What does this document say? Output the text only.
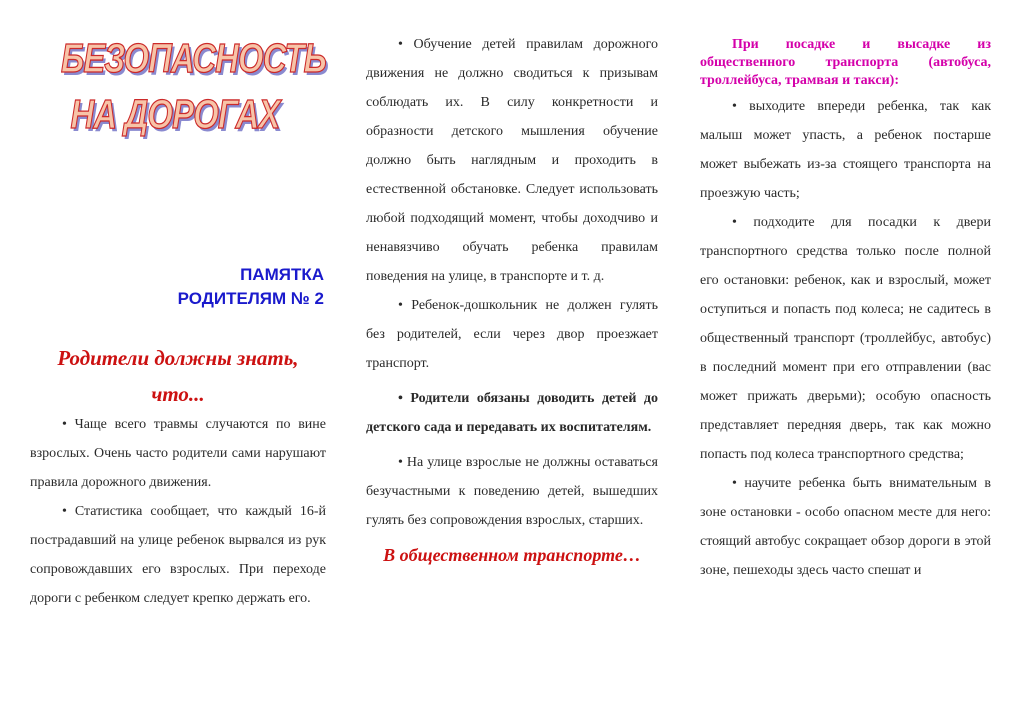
БЕЗОПАСНОСТЬ
НА ДОРОГАХ
ПАМЯТКА
РОДИТЕЛЯМ № 2
Родители должны знать,
что...

• Чаще всего травмы случаются по вине взрослых. Очень часто родители сами нарушают правила дорожного движения.

• Статистика сообщает, что каждый 16-й пострадавший на улице ребенок вырвался из рук сопровождавших его взрослых. При переходе дороги с ребенком следует крепко держать его.

• Обучение детей правилам дорожного движения не должно сводиться к призывам соблюдать их. В силу конкретности и образности детского мышления обучение должно быть наглядным и проходить в естественной обстановке. Следует использовать любой подходящий момент, чтобы доходчиво и ненавязчиво обучать ребенка правилам поведения на улице, в транспорте и т. д.

• Ребенок-дошкольник не должен гулять без родителей, если через двор проезжает транспорт.

• Родители обязаны доводить детей до детского сада и передавать их воспитателям.

• На улице взрослые не должны оставаться безучастными к поведению детей, вышедших гулять без сопровождения взрослых, старших.

В общественном транспорте…
При посадке и высадке из общественного транспорта (автобуса, троллейбуса, трамвая и такси):

• выходите впереди ребенка, так как малыш может упасть, а ребенок постарше может выбежать из-за стоящего транспорта на проезжую часть;

• подходите для посадки к двери транспортного средства только после полной его остановки: ребенок, как и взрослый, может оступиться и попасть под колеса; не садитесь в общественный транспорт (троллейбус, автобус) в последний момент при его отправлении (вас может прижать дверьми); особую опасность представляет передняя дверь, так как можно попасть под колеса транспортного средства;

• научите ребенка быть внимательным в зоне остановки - особо опасном месте для него: стоящий автобус сокращает обзор дороги в этой зоне, пешеходы здесь часто спешат и
